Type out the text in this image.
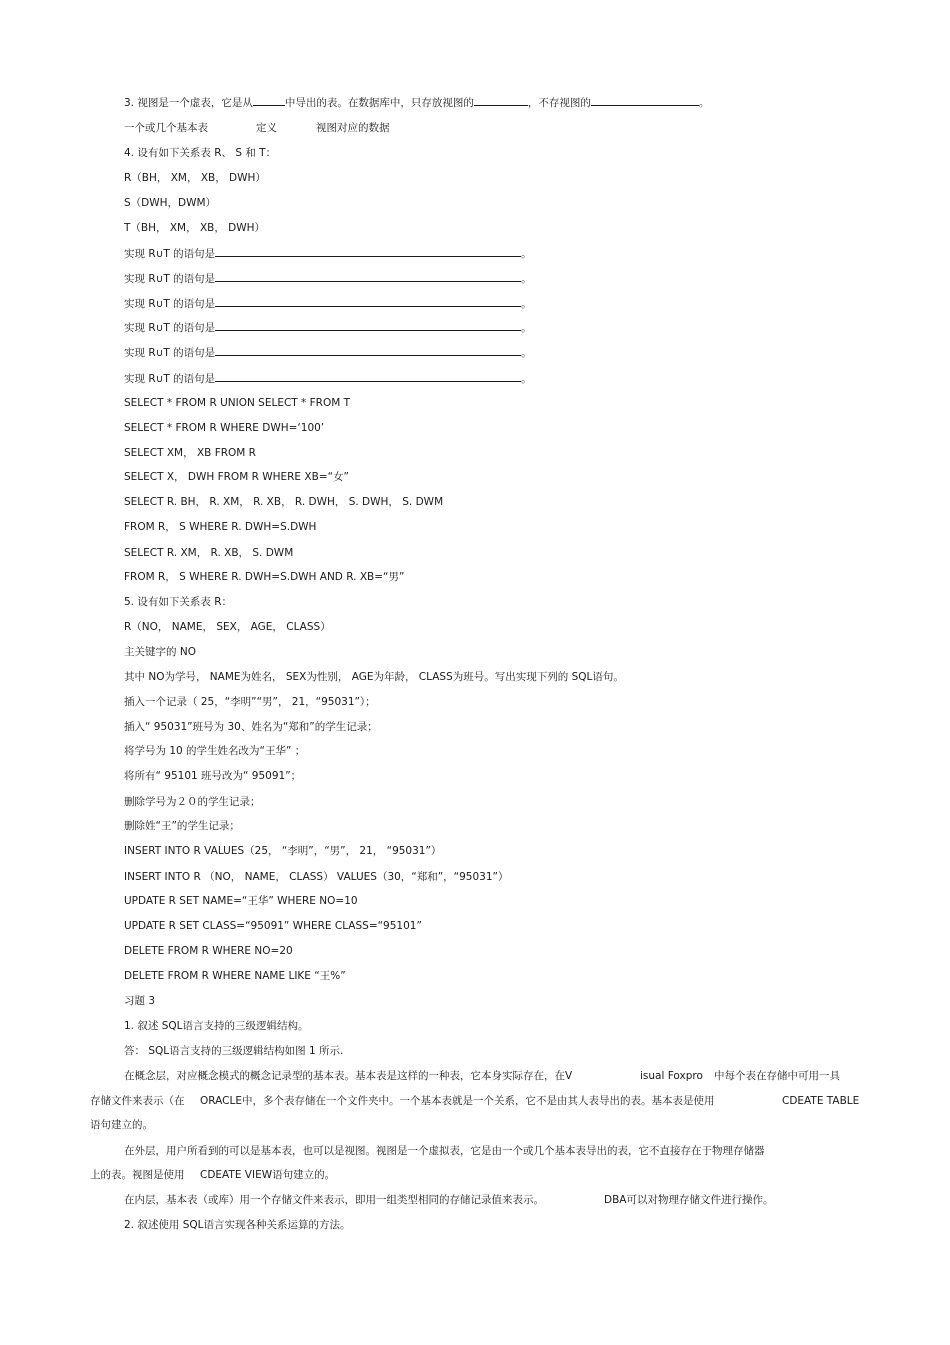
3. 视图是一个虚表，它是从	中导出的表。在数据库中，只存放视图的	，不存视图的	。
一个或几个基本表	定义	视图对应的数据
4. 设有如下关系表 R、 S 和 T：
R（BH， XM， XB， DWH）
S（DWH，DWM）
T（BH， XM， XB， DWH）
实现 R∪T 的语句是	。
实现 R∪T 的语句是	。
实现 R∪T 的语句是	。
实现 R∪T 的语句是	。
实现 R∪T 的语句是	。
实现 R∪T 的语句是	。
SELECT * FROM R UNION SELECT * FROM T
SELECT * FROM R WHERE DWH=‘100’
SELECT XM， XB FROM R
SELECT X， DWH FROM R WHERE XB=“女”
SELECT R. BH， R. XM， R. XB， R. DWH， S. DWH， S. DWM
FROM R， S WHERE R. DWH=S.DWH
SELECT R. XM， R. XB， S. DWM
FROM R， S WHERE R. DWH=S.DWH AND R. XB=“男”
5. 设有如下关系表 R：
R（NO， NAME， SEX， AGE， CLASS）
主关键字的 NO
其中 NO为学号， NAME为姓名， SEX为性别， AGE为年龄， CLASS为班号。写出实现下列的 SQL语句。
插入一个记录（ 25，“李明”“男”， 21，“95031”）；
插入“ 95031”班号为 30、姓名为“郑和”的学生记录；
将学号为 10 的学生姓名改为“王华” ；
将所有“ 95101 班号改为“ 95091”；
删除学号为２０的学生记录；
删除姓“王”的学生记录；
INSERT INTO R VALUES（25， “李明”，“男”， 21， “95031”）
INSERT INTO R （NO， NAME， CLASS） VALUES（30，“郑和”，“95031”）
UPDATE R SET NAME=“王华” WHERE NO=10
UPDATE R SET CLASS=“95091” WHERE CLASS=“95101”
DELETE FROM R WHERE NO=20
DELETE FROM R WHERE NAME LIKE “王%”
习题 3
1. 叙述 SQL语言支持的三级逻辑结构。
答： SQL语言支持的三级逻辑结构如图 1 所示.
在概念层，对应概念模式的概念记录型的基本表。基本表是这样的一种表，它本身实际存在，在V	isual Foxpro 中每个表在存储中可用一具
存储文件来表示（在 ORACLE中，多个表存储在一个文件夹中。一个基本表就是一个关系，它不是由其人表导出的表。基本表是使用	CDEATE TABLE
语句建立的。
在外层，用户所看到的可以是基本表，也可以是视图。视图是一个虚拟表，它是由一个或几个基本表导出的表，它不直接存在于物理存储器
上的表。视图是使用 CDEATE VIEW语句建立的。
在内层，基本表（或库）用一个存储文件来表示，即用一组类型相同的存储记录值来表示。	DBA可以对物理存储文件进行操作。
2. 叙述使用 SQL语言实现各种关系运算的方法。
